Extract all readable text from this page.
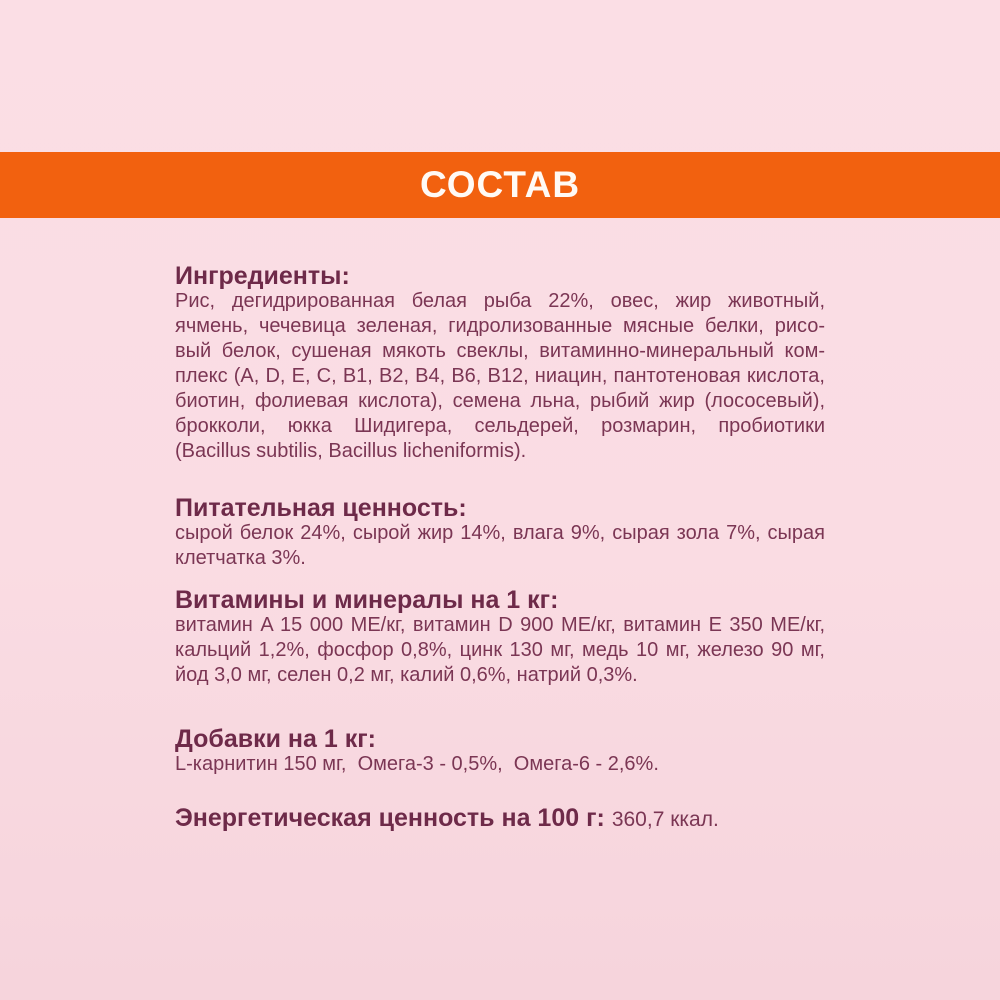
СОСТАВ
Ингредиенты:
Рис, дегидрированная белая рыба 22%, овес, жир животный,
ячмень, чечевица зеленая, гидролизованные мясные белки, рисо-
вый белок, сушеная мякоть свеклы, витаминно-минеральный ком-
плекс (A, D, E, C, B1, B2, B4, B6, B12, ниацин, пантотеновая кислота,
биотин, фолиевая кислота), семена льна, рыбий жир (лососевый),
брокколи, юкка Шидигера, сельдерей, розмарин, пробиотики
(Bacillus subtilis, Bacillus licheniformis).
Питательная ценность:
сырой белок 24%, сырой жир 14%, влага 9%, сырая зола 7%, сырая
клетчатка 3%.
Витамины и минералы на 1 кг:
витамин A 15 000 МЕ/кг, витамин D 900 МЕ/кг, витамин E 350 МЕ/кг,
кальций 1,2%, фосфор 0,8%, цинк 130 мг, медь 10 мг, железо 90 мг,
йод 3,0 мг, селен 0,2 мг, калий 0,6%, натрий 0,3%.
Добавки на 1 кг:
L-карнитин 150 мг,  Омега-3 - 0,5%,  Омега-6 - 2,6%.
Энергетическая ценность на 100 г: 360,7 ккал.
